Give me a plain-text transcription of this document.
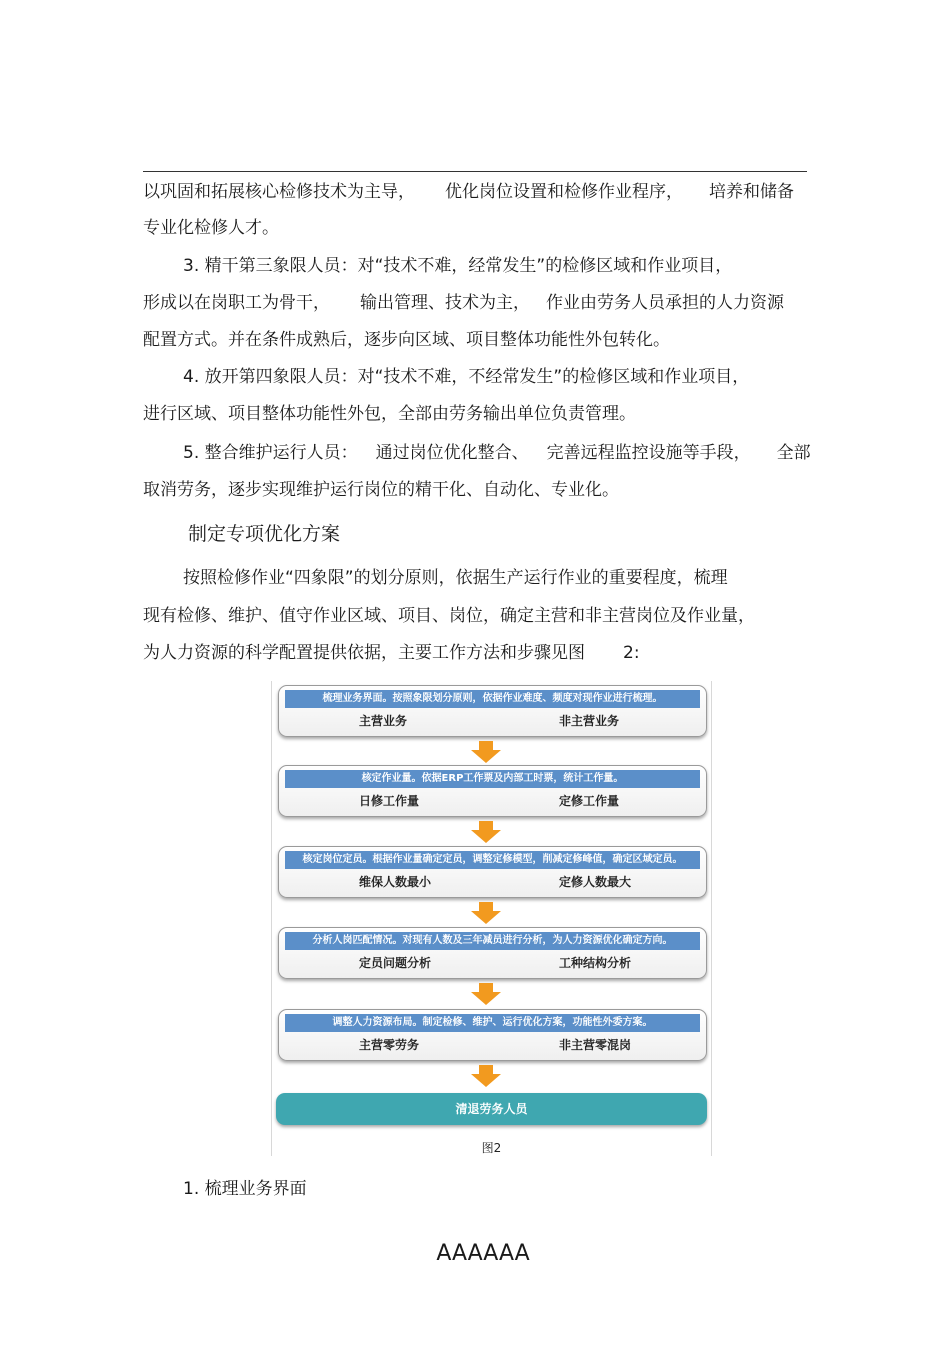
以巩固和拓展核心检修技术为主导， 优化岗位设置和检修作业程序， 培养和储备
专业化检修人才。
3. 精干第三象限人员：对“技术不难，经常发生”的检修区域和作业项目，
形成以在岗职工为骨干， 输出管理、技术为主， 作业由劳务人员承担的人力资源
配置方式。并在条件成熟后，逐步向区域、项目整体功能性外包转化。
4. 放开第四象限人员：对“技术不难，不经常发生”的检修区域和作业项目，
进行区域、项目整体功能性外包，全部由劳务输出单位负责管理。
5. 整合维护运行人员： 通过岗位优化整合、 完善远程监控设施等手段， 全部
取消劳务，逐步实现维护运行岗位的精干化、自动化、专业化。
制定专项优化方案
按照检修作业“四象限”的划分原则，依据生产运行作业的重要程度，梳理
现有检修、维护、值守作业区域、项目、岗位，确定主营和非主营岗位及作业量，
为人力资源的科学配置提供依据，主要工作方法和步骤见图 2:
梳理业务界面。按照象限划分原则，依据作业难度、频度对现作业进行梳理。
主营业务	非主营业务
核定作业量。依据ERP工作票及内部工时票，统计工作量。
日修工作量	定修工作量
核定岗位定员。根据作业量确定定员，调整定修模型，削减定修峰值，确定区域定员。
维保人数最小	定修人数最大
分析人岗匹配情况。对现有人数及三年减员进行分析，为人力资源优化确定方向。
定员问题分析	工种结构分析
调整人力资源布局。制定检修、维护、运行优化方案，功能性外委方案。
主营零劳务	非主营零混岗
清退劳务人员
图2
1. 梳理业务界面
AAAAAA
